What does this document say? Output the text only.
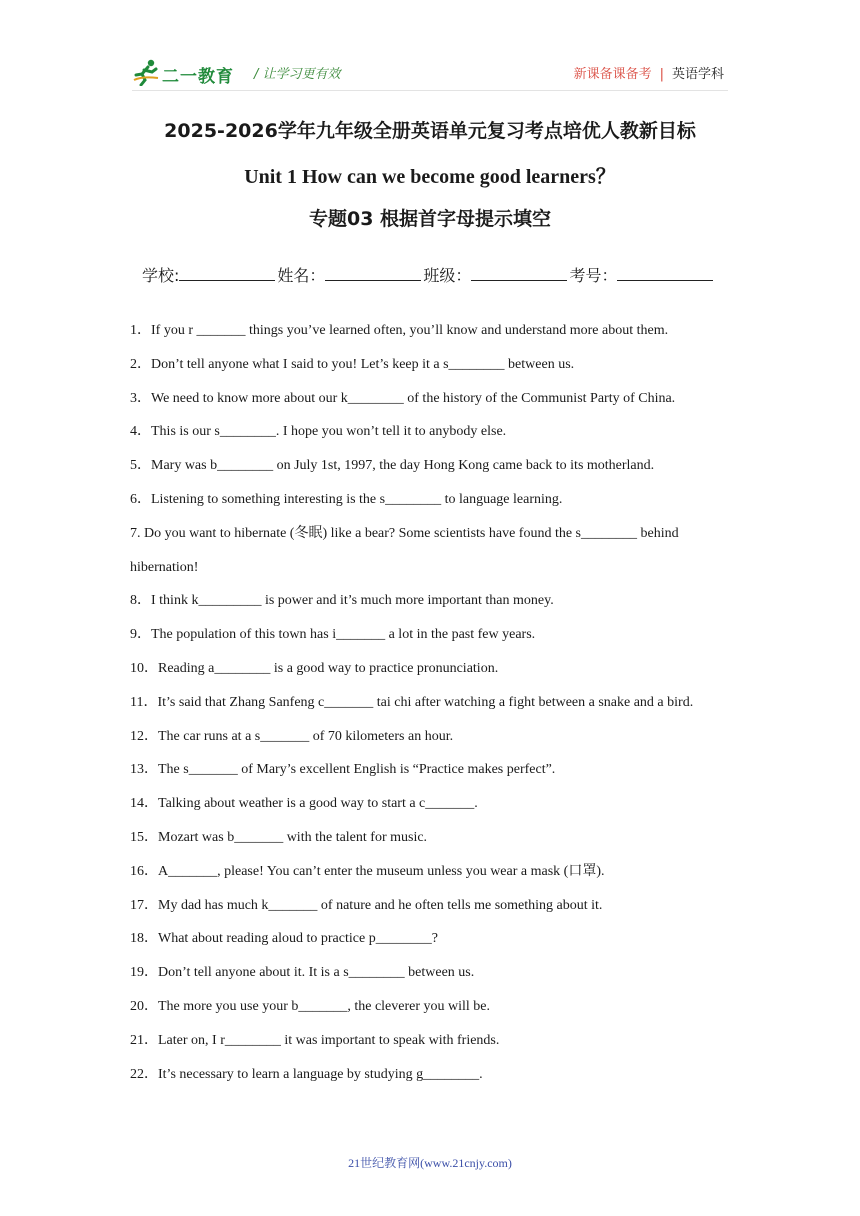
二一教育 / 让学习更有效	新课备课备考 | 英语学科
2025-2026学年九年级全册英语单元复习考点培优人教新目标
Unit 1 How can we become good learners？
专题03 根据首字母提示填空
学校:	姓名：	班级：	考号：
1．If you r _______ things you’ve learned often, you’ll know and understand more about them.
2．Don’t tell anyone what I said to you! Let’s keep it a s________ between us.
3．We need to know more about our k________ of the history of the Communist Party of China.
4．This is our s________. I hope you won’t tell it to anybody else.
5．Mary was b________ on July 1st, 1997, the day Hong Kong came back to its motherland.
6．Listening to something interesting is the s________ to language learning.
7. Do you want to hibernate (冬眠) like a bear? Some scientists have found the s________ behind hibernation!
8．I think k_________ is power and it’s much more important than money.
9．The population of this town has i_______ a lot in the past few years.
10．Reading a________ is a good way to practice pronunciation.
11．It’s said that Zhang Sanfeng c_______ tai chi after watching a fight between a snake and a bird.
12．The car runs at a s_______ of 70 kilometers an hour.
13．The s_______ of Mary’s excellent English is “Practice makes perfect”.
14．Talking about weather is a good way to start a c_______.
15．Mozart was b_______ with the talent for music.
16．A_______, please! You can’t enter the museum unless you wear a mask (口罩).
17．My dad has much k_______ of nature and he often tells me something about it.
18．What about reading aloud to practice p________?
19．Don’t tell anyone about it. It is a s________ between us.
20．The more you use your b_______, the cleverer you will be.
21．Later on, I r________ it was important to speak with friends.
22．It’s necessary to learn a language by studying g________.
21世纪教育网(www.21cnjy.com)
